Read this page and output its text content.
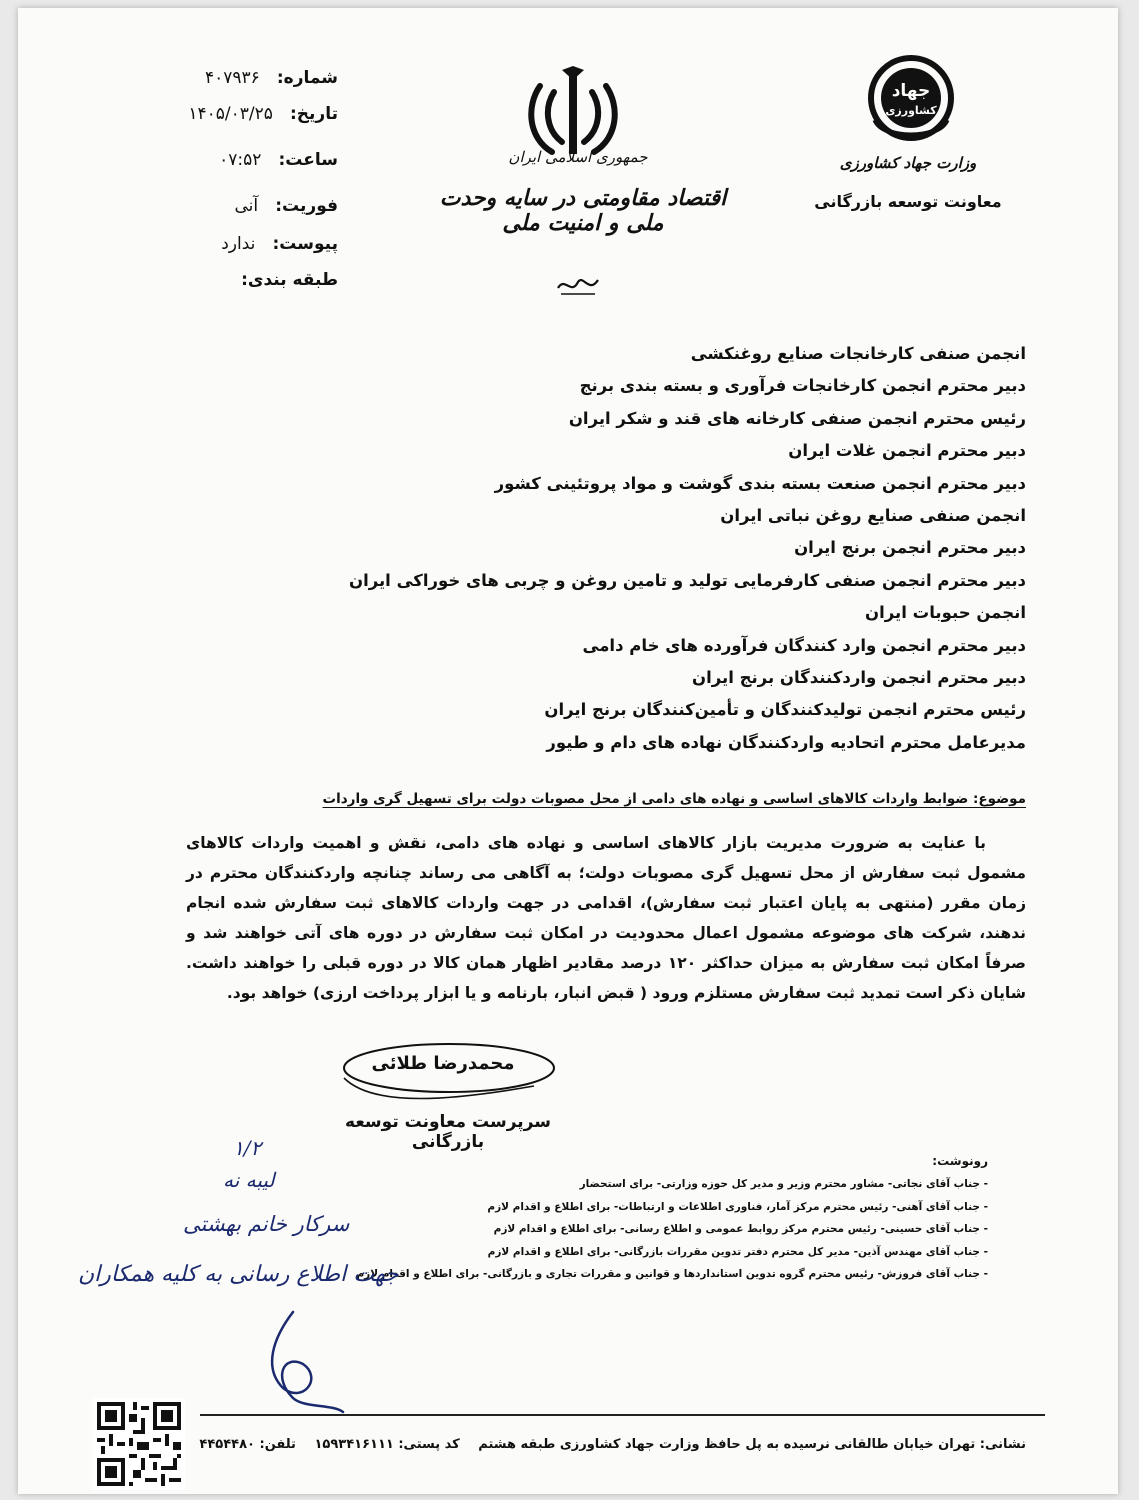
شماره: ۴۰۷۹۳۶
تاریخ: ۱۴۰۵/۰۳/۲۵
ساعت: ۰۷:۵۲
فوریت: آنی
پیوست: ندارد
طبقه بندی:
جمهوری اسلامی ایران
اقتصاد مقاومتی در سایه وحدت ملی و امنیت ملی
جهاد
کشاورزی
وزارت جهاد کشاورزی
معاونت توسعه بازرگانی
انجمن صنفی کارخانجات صنایع روغنکشی
دبیر محترم انجمن کارخانجات فرآوری و بسته بندی برنج
رئیس محترم انجمن صنفی کارخانه های قند و شکر ایران
دبیر محترم انجمن غلات ایران
دبیر محترم انجمن صنعت بسته بندی گوشت و مواد پروتئینی کشور
انجمن صنفی صنایع روغن نباتی ایران
دبیر محترم انجمن برنج ایران
دبیر محترم انجمن صنفی کارفرمایی تولید و تامین روغن و چربی های خوراکی ایران
انجمن حبوبات ایران
دبیر محترم انجمن وارد کنندگان فرآورده های خام دامی
دبیر محترم انجمن واردکنندگان برنج ایران
رئیس محترم انجمن تولیدکنندگان و تأمین‌کنندگان برنج ایران
مدیرعامل محترم اتحادیه واردکنندگان نهاده های دام و طیور
موضوع: ضوابط واردات کالاهای اساسی و نهاده های دامی از محل مصوبات دولت برای تسهیل گری واردات

با عنایت به ضرورت مدیریت بازار کالاهای اساسی و نهاده های دامی، نقش و اهمیت واردات کالاهای مشمول ثبت سفارش از محل تسهیل گری مصوبات دولت؛ به آگاهی می رساند چنانچه واردکنندگان محترم در زمان مقرر (منتهی به پایان اعتبار ثبت سفارش)، اقدامی در جهت واردات کالاهای ثبت سفارش شده انجام ندهند، شرکت های موضوعه مشمول اعمال محدودیت در امکان ثبت سفارش در دوره های آتی خواهند شد و صرفاً امکان ثبت سفارش به میزان حداکثر ۱۲۰ درصد مقادیر اظهار همان کالا در دوره قبلی را خواهند داشت. شایان ذکر است تمدید ثبت سفارش مستلزم ورود ( قبض انبار، بارنامه و یا ابزار پرداخت ارزی) خواهد بود.

محمدرضا طلائی
سرپرست معاونت توسعه بازرگانی
رونوشت:
- جناب آقای نجاتی- مشاور محترم وزیر و مدیر کل حوزه وزارتی- برای استحضار
- جناب آقای آهنی- رئیس محترم مرکز آمار، فناوری اطلاعات و ارتباطات- برای اطلاع و اقدام لازم
- جناب آقای حسینی- رئیس محترم مرکز روابط عمومی و اطلاع رسانی- برای اطلاع و اقدام لازم
- جناب آقای مهندس آذین- مدیر کل محترم دفتر تدوین مقررات بازرگانی- برای اطلاع و اقدام لازم
- جناب آقای فروزش- رئیس محترم گروه تدوین استانداردها و قوانین و مقررات تجاری و بازرگانی- برای اطلاع و اقدام لازم
۱/۲
لیبه نه
سرکار خانم بهشتی
جهت اطلاع رسانی به کلیه همکاران
نشانی: تهران خیابان طالقانی نرسیده به پل حافظ وزارت جهاد کشاورزی طبقه هشتم کد پستی: ۱۵۹۳۴۱۶۱۱۱ تلفن: ۴۴۵۴۴۸۰
